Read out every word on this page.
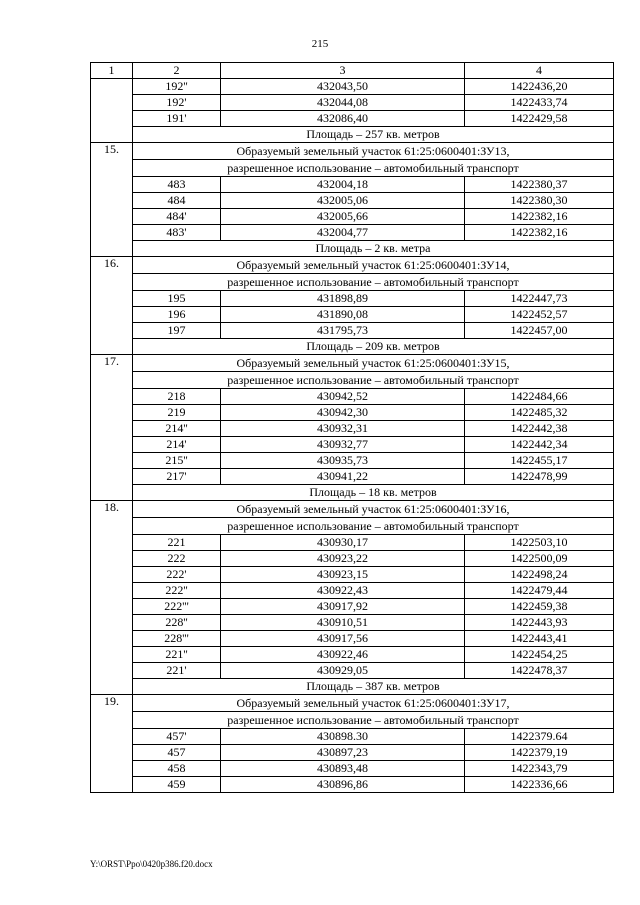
215
1	2	3	4
	192''	432043,50	1422436,20
	192'	432044,08	1422433,74
	191'	432086,40	1422429,58
	Площадь – 257 кв. метров		
15.	Образуемый земельный участок 61:25:0600401:ЗУ13,		
	разрешенное использование – автомобильный транспорт		
	483	432004,18	1422380,37
	484	432005,06	1422380,30
	484'	432005,66	1422382,16
	483'	432004,77	1422382,16
	Площадь – 2 кв. метра		
16.	Образуемый земельный участок 61:25:0600401:ЗУ14,		
	разрешенное использование – автомобильный транспорт		
	195	431898,89	1422447,73
	196	431890,08	1422452,57
	197	431795,73	1422457,00
	Площадь – 209 кв. метров		
17.	Образуемый земельный участок 61:25:0600401:ЗУ15,		
	разрешенное использование – автомобильный транспорт		
	218	430942,52	1422484,66
	219	430942,30	1422485,32
	214''	430932,31	1422442,38
	214'	430932,77	1422442,34
	215''	430935,73	1422455,17
	217'	430941,22	1422478,99
	Площадь – 18 кв. метров		
18.	Образуемый земельный участок 61:25:0600401:ЗУ16,		
	разрешенное использование – автомобильный транспорт		
	221	430930,17	1422503,10
	222	430923,22	1422500,09
	222'	430923,15	1422498,24
	222''	430922,43	1422479,44
	222'''	430917,92	1422459,38
	228''	430910,51	1422443,93
	228'''	430917,56	1422443,41
	221''	430922,46	1422454,25
	221'	430929,05	1422478,37
	Площадь – 387 кв. метров		
19.	Образуемый земельный участок 61:25:0600401:ЗУ17,		
	разрешенное использование – автомобильный транспорт		
	457'	430898.30	1422379.64
	457	430897,23	1422379,19
	458	430893,48	1422343,79
	459	430896,86	1422336,66
Y:\ORST\Ppo\0420p386.f20.docx
